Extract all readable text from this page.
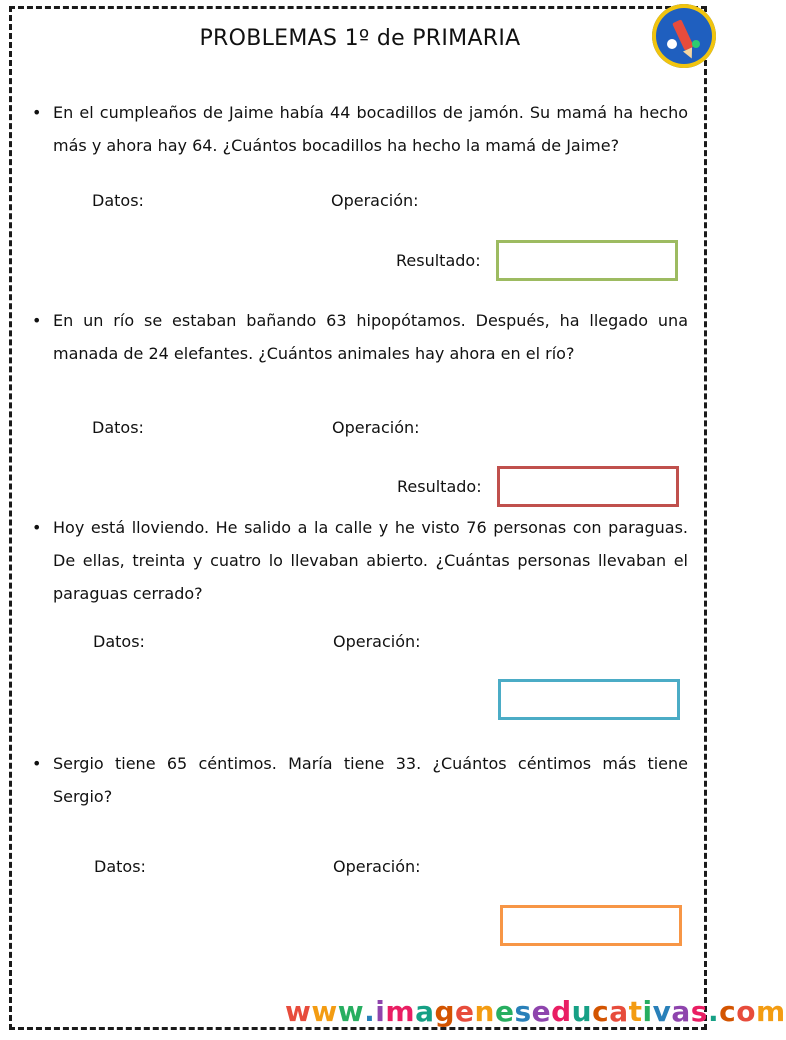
PROBLEMAS 1º de PRIMARIA
• En el cumpleaños de Jaime había 44 bocadillos de jamón. Su mamá ha hecho más y ahora hay 64. ¿Cuántos bocadillos ha hecho la mamá de Jaime?
Datos:	Operación:
Resultado:
• En un río se estaban bañando 63 hipopótamos. Después, ha llegado una manada de 24 elefantes. ¿Cuántos animales hay ahora en el río?
Datos:	Operación:
Resultado:
• Hoy está lloviendo. He salido a la calle y he visto 76 personas con paraguas. De ellas, treinta y cuatro lo llevaban abierto. ¿Cuántas personas llevaban el paraguas cerrado?
Datos:	Operación:
• Sergio tiene 65 céntimos. María tiene 33. ¿Cuántos céntimos más tiene Sergio?
Datos:	Operación:
www.imageneseducativas.com
